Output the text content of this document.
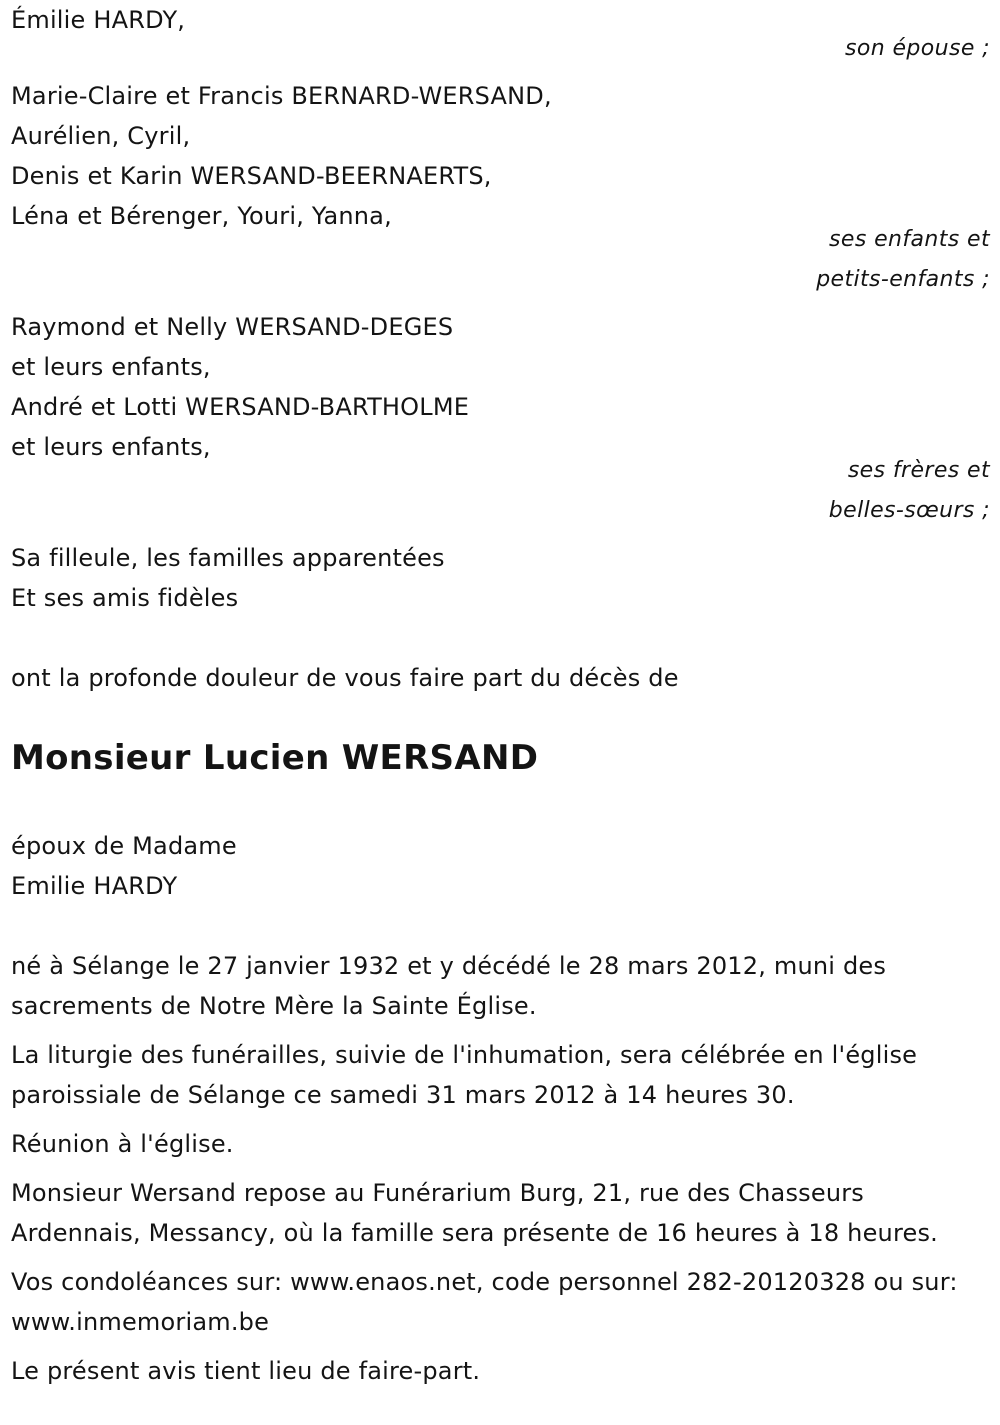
Émilie HARDY,
son épouse ;
Marie-Claire et Francis BERNARD-WERSAND,
Aurélien, Cyril,
Denis et Karin WERSAND-BEERNAERTS,
Léna et Bérenger, Youri, Yanna,
ses enfants et
petits-enfants ;
Raymond et Nelly WERSAND-DEGES
et leurs enfants,
André et Lotti WERSAND-BARTHOLME
et leurs enfants,
ses frères et
belles-sœurs ;
Sa filleule, les familles apparentées
Et ses amis fidèles
ont la profonde douleur de vous faire part du décès de
Monsieur Lucien WERSAND
époux de Madame
Emilie HARDY
né à Sélange le 27 janvier 1932 et y décédé le 28 mars 2012, muni des sacrements de Notre Mère la Sainte Église.
La liturgie des funérailles, suivie de l'inhumation, sera célébrée en l'église paroissiale de Sélange ce samedi 31 mars 2012 à 14 heures 30.
Réunion à l'église.
Monsieur Wersand repose au Funérarium Burg, 21, rue des Chasseurs Ardennais, Messancy, où la famille sera présente de 16 heures à 18 heures.
Vos condoléances sur: www.enaos.net, code personnel 282-20120328 ou sur: www.inmemoriam.be
Le présent avis tient lieu de faire-part.
